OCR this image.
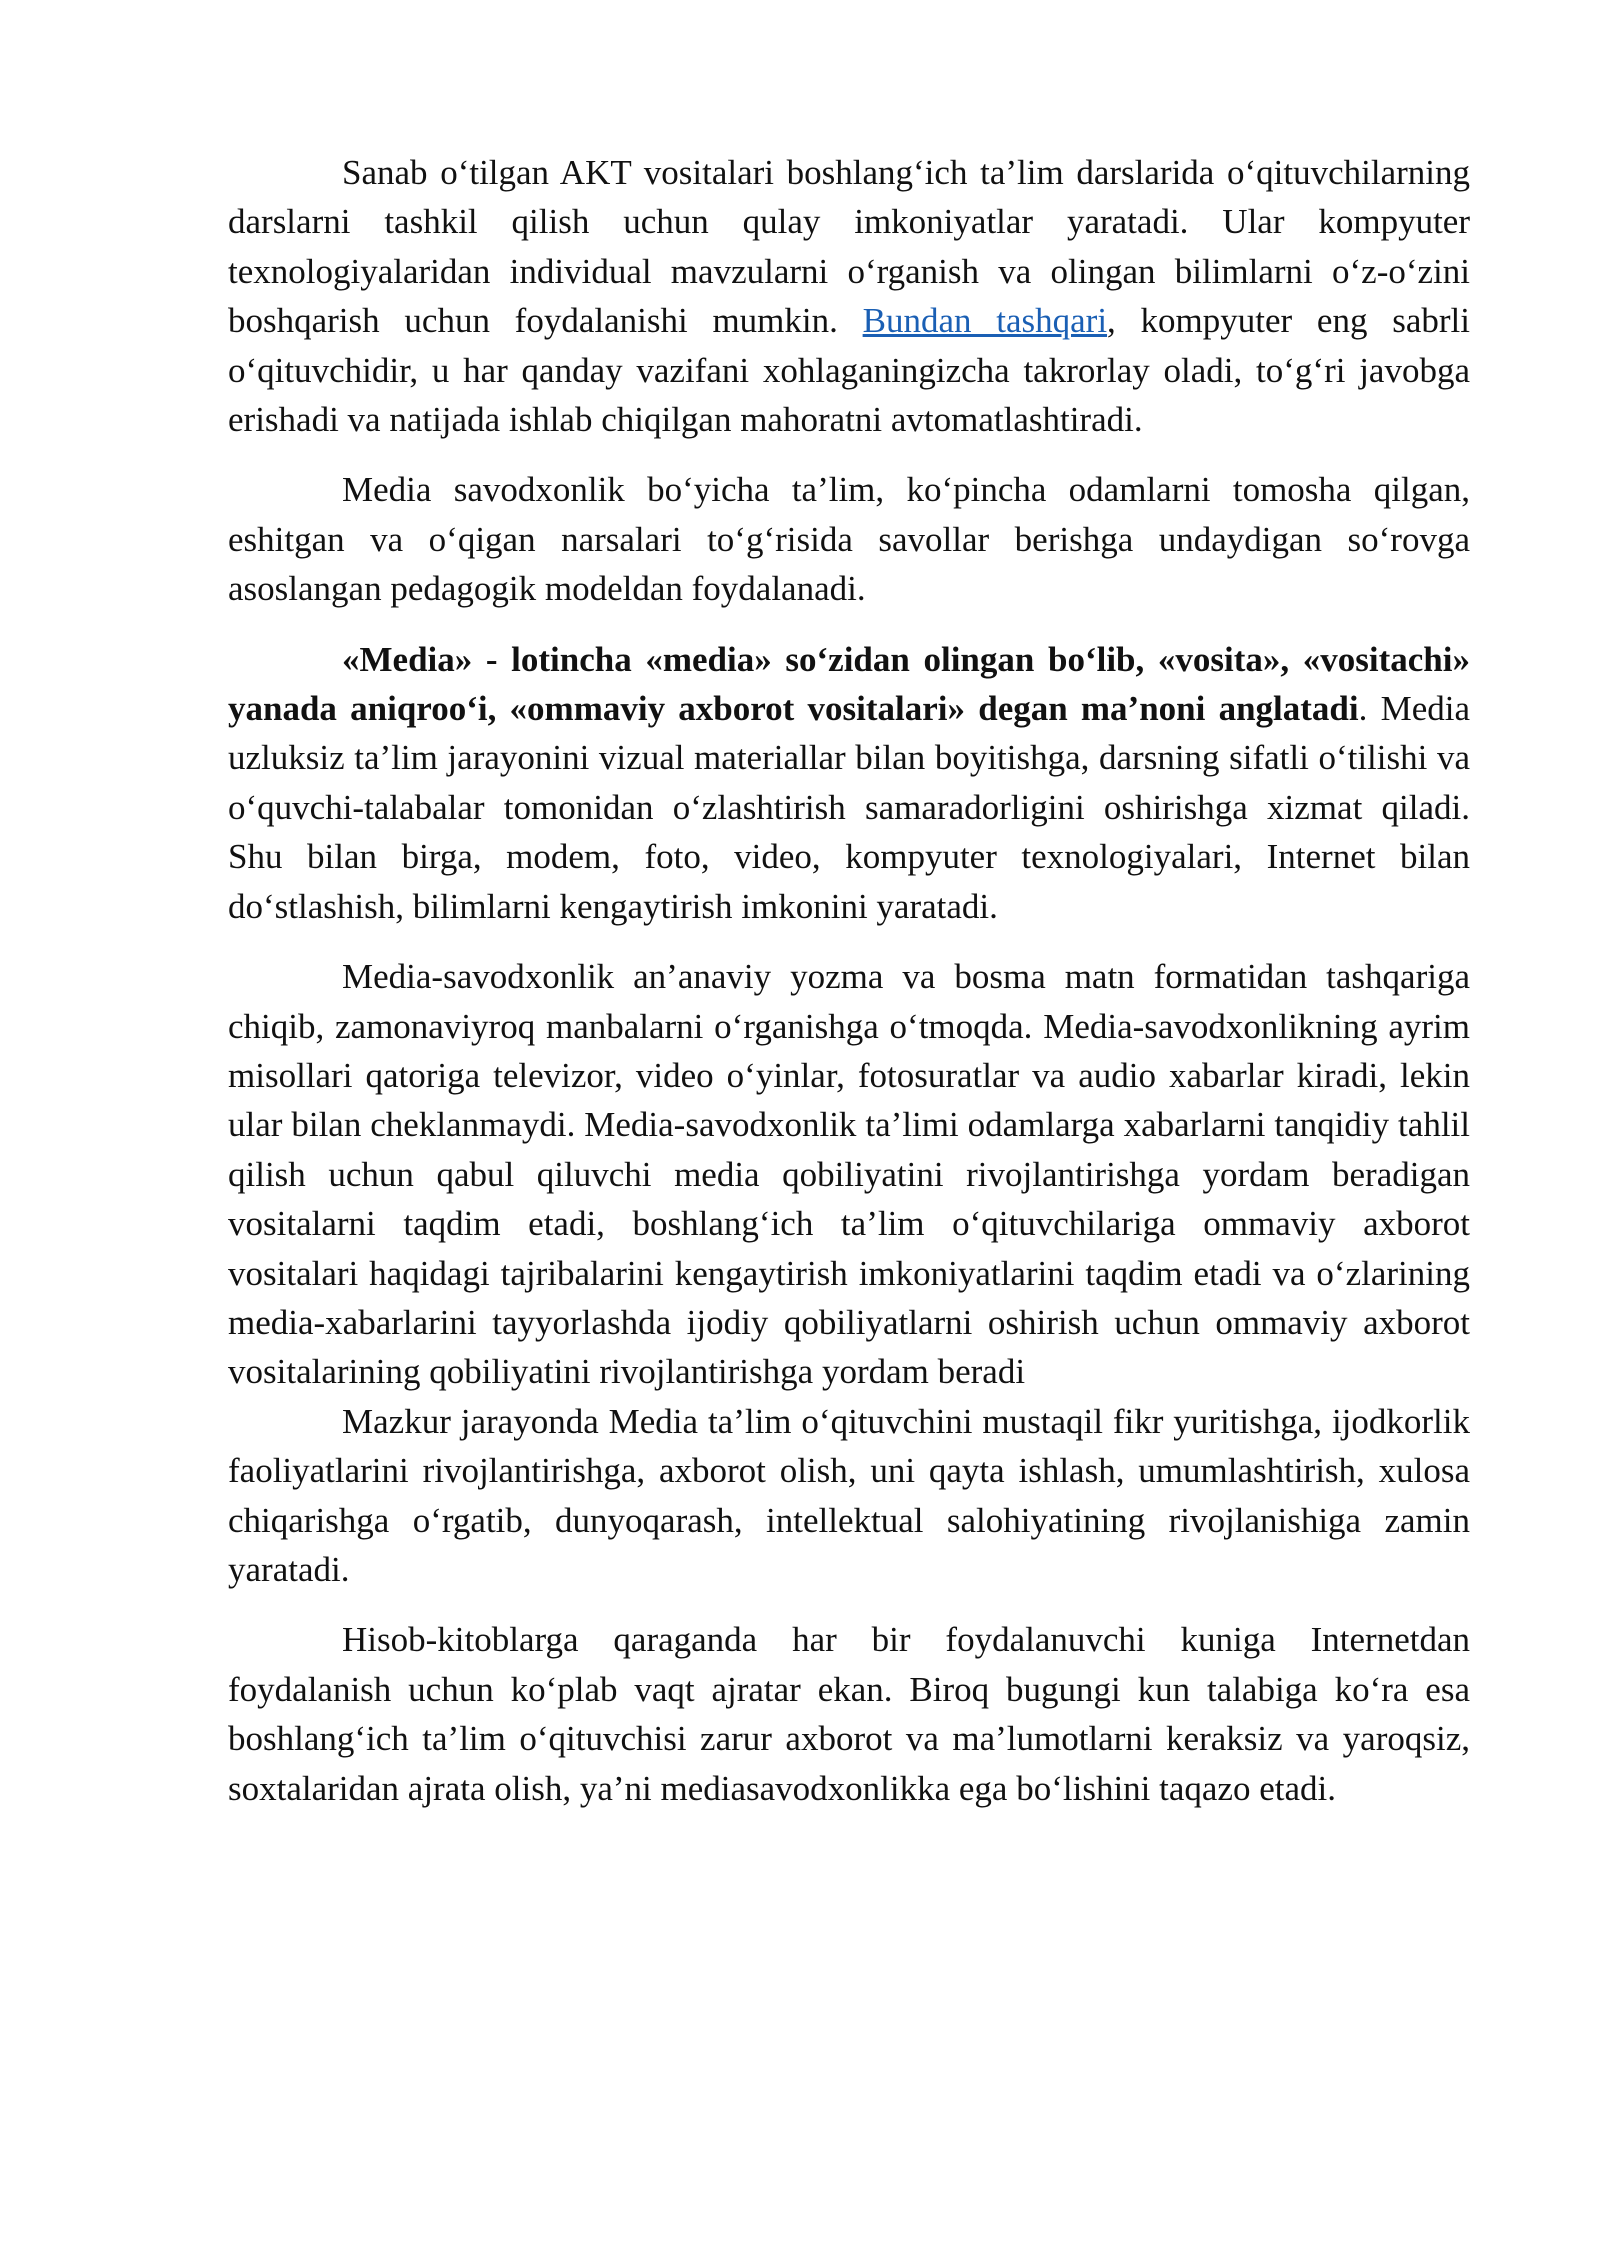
Sanab o‘tilgan AKT vositalari boshlang‘ich ta’lim darslarida o‘qituvchilarning darslarni tashkil qilish uchun qulay imkoniyatlar yaratadi. Ular kompyuter texnologiyalaridan individual mavzularni o‘rganish va olingan bilimlarni o‘z-o‘zini boshqarish uchun foydalanishi mumkin. Bundan tashqari, kompyuter eng sabrli o‘qituvchidir, u har qanday vazifani xohlaganingizcha takrorlay oladi, to‘g‘ri javobga erishadi va natijada ishlab chiqilgan mahoratni avtomatlashtiradi.

Media savodxonlik bo‘yicha ta’lim, ko‘pincha odamlarni tomosha qilgan, eshitgan va o‘qigan narsalari to‘g‘risida savollar berishga undaydigan so‘rovga asoslangan pedagogik modeldan foydalanadi.

«Media» - lotincha «media» so‘zidan olingan bo‘lib, «vosita», «vositachi» yanada aniqroo‘i, «ommaviy axborot vositalari» degan ma’noni anglatadi. Media uzluksiz ta’lim jarayonini vizual materiallar bilan boyitishga, darsning sifatli o‘tilishi va o‘quvchi-talabalar tomonidan o‘zlashtirish samaradorligini oshirishga xizmat qiladi. Shu bilan birga, modem, foto, video, kompyuter texnologiyalari, Internet bilan do‘stlashish, bilimlarni kengaytirish imkonini yaratadi.

Media-savodxonlik an’anaviy yozma va bosma matn formatidan tashqariga chiqib, zamonaviyroq manbalarni o‘rganishga o‘tmoqda. Media-savodxonlikning ayrim misollari qatoriga televizor, video o‘yinlar, fotosuratlar va audio xabarlar kiradi, lekin ular bilan cheklanmaydi. Media-savodxonlik ta’limi odamlarga xabarlarni tanqidiy tahlil qilish uchun qabul qiluvchi media qobiliyatini rivojlantirishga yordam beradigan vositalarni taqdim etadi, boshlang‘ich ta’lim o‘qituvchilariga ommaviy axborot vositalari haqidagi tajribalarini kengaytirish imkoniyatlarini taqdim etadi va o‘zlarining media-xabarlarini tayyorlashda ijodiy qobiliyatlarni oshirish uchun ommaviy axborot vositalarining qobiliyatini rivojlantirishga yordam beradi

Mazkur jarayonda Media ta’lim o‘qituvchini mustaqil fikr yuritishga, ijodkorlik faoliyatlarini rivojlantirishga, axborot olish, uni qayta ishlash, umumlashtirish, xulosa chiqarishga o‘rgatib, dunyoqarash, intellektual salohiyatining rivojlanishiga zamin yaratadi.

Hisob-kitoblarga qaraganda har bir foydalanuvchi kuniga Internetdan foydalanish uchun ko‘plab vaqt ajratar ekan. Biroq bugungi kun talabiga ko‘ra esa boshlang‘ich ta’lim o‘qituvchisi zarur axborot va ma’lumotlarni keraksiz va yaroqsiz, soxtalaridan ajrata olish, ya’ni mediasavodxonlikka ega bo‘lishini taqazo etadi.
